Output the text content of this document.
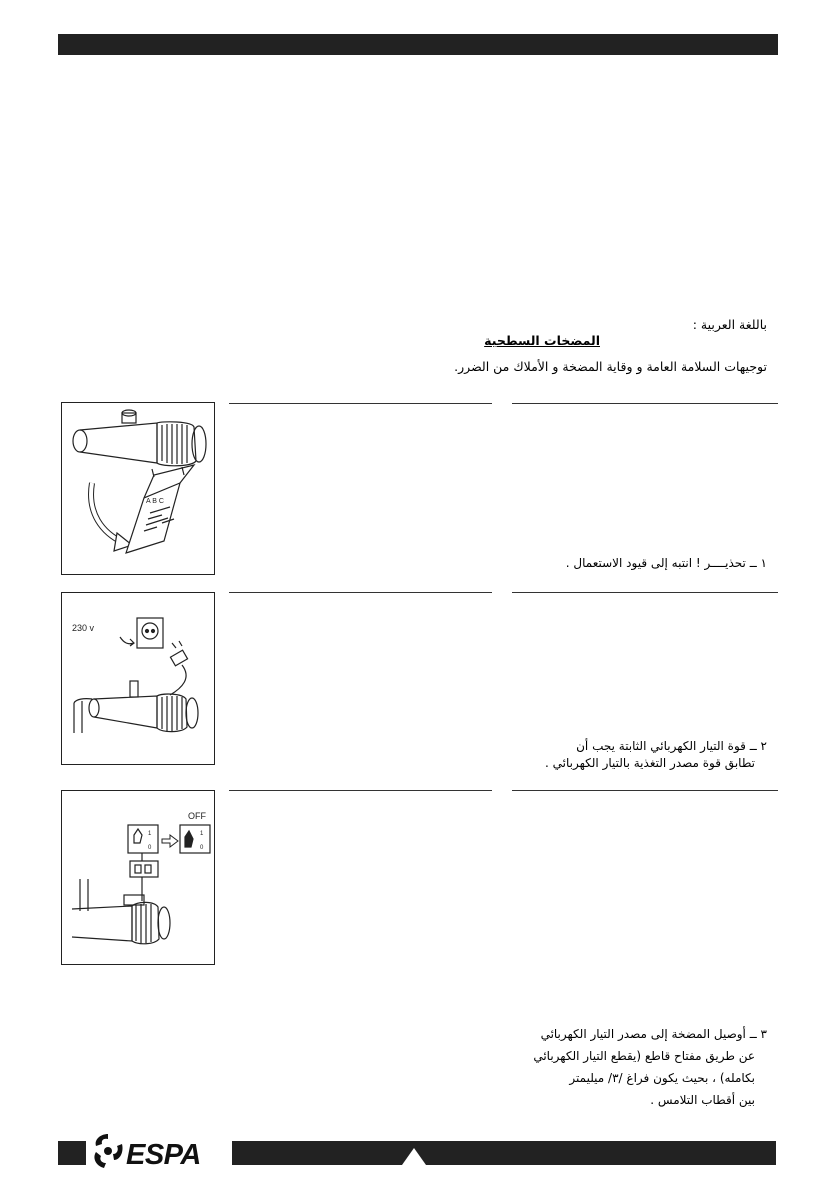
باللغة العربية :
المضخات السطحية
توجيهات السلامة العامة و وقاية المضخة و الأملاك من الضرر.
A B C
230 v
OFF
1
0
1
0
١ ــ تحذيــــر ! انتبه إلى قيود الاستعمال .
٢ ــ قوة التيار الكهربائي الثابتة يجب أن
تطابق قوة مصدر التغذية بالتيار الكهربائي .
٣ ــ أوصيل المضخة إلى مصدر التيار الكهربائي
عن طريق مفتاح قاطع (يقطع التيار الكهربائي
بكامله) ، بحيث يكون فراغ /٣/ ميليمتر
بين أقطاب التلامس .
ESPA
